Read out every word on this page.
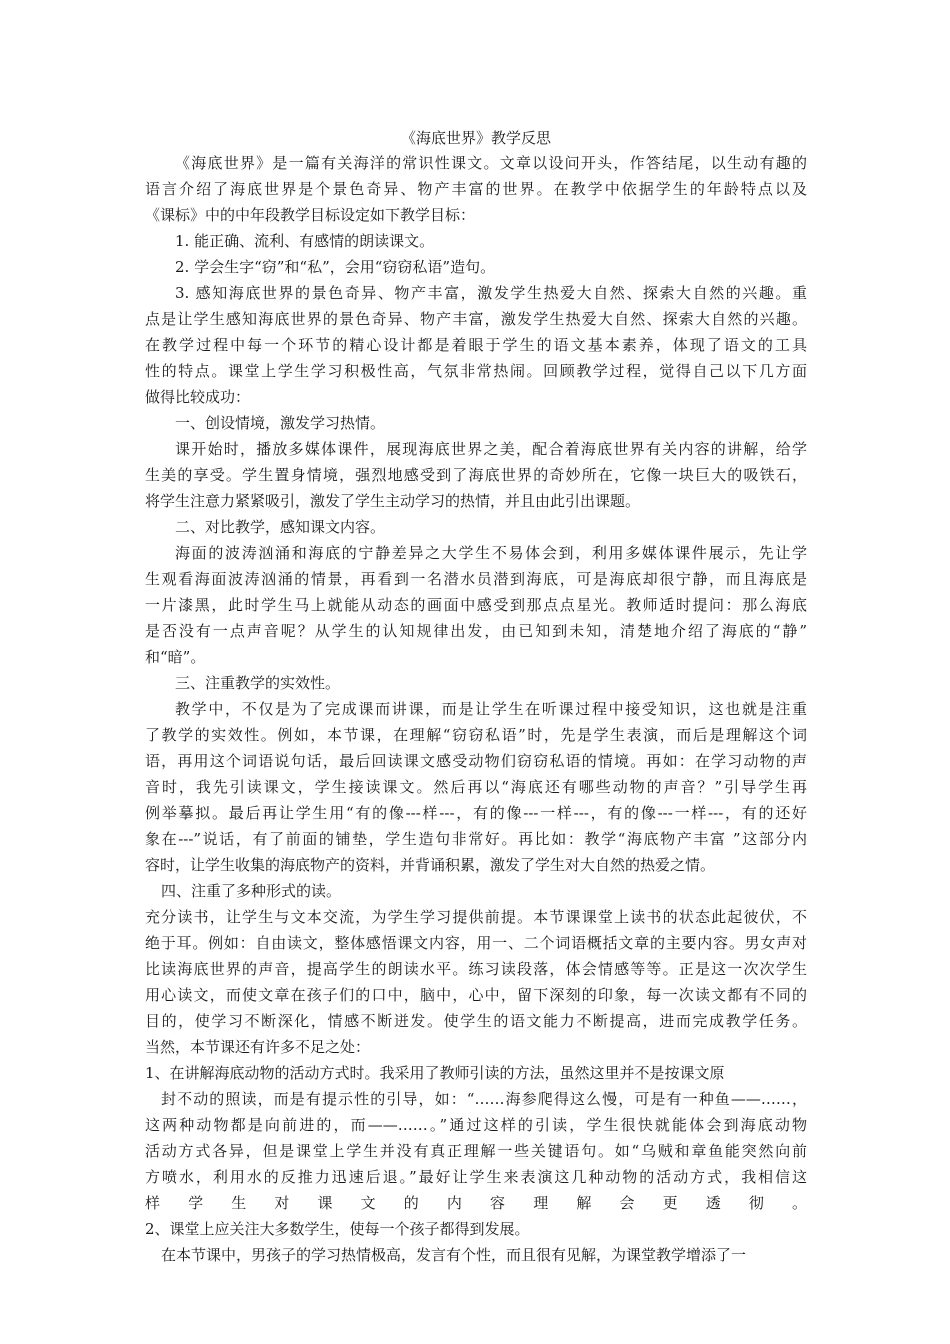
《海底世界》教学反思
《海底世界》是一篇有关海洋的常识性课文。文章以设问开头，作答结尾，以生动有趣的
语言介绍了海底世界是个景色奇异、物产丰富的世界。在教学中依据学生的年龄特点以及
《课标》中的中年段教学目标设定如下教学目标：
1. 能正确、流利、有感情的朗读课文。
2. 学会生字“窃”和“私”，会用“窃窃私语”造句。
3. 感知海底世界的景色奇异、物产丰富，激发学生热爱大自然、探索大自然的兴趣。重
点是让学生感知海底世界的景色奇异、物产丰富，激发学生热爱大自然、探索大自然的兴趣。
在教学过程中每一个环节的精心设计都是着眼于学生的语文基本素养，体现了语文的工具
性的特点。课堂上学生学习积极性高，气氛非常热闹。回顾教学过程，觉得自己以下几方面
做得比较成功：
一、创设情境，激发学习热情。
课开始时，播放多媒体课件，展现海底世界之美，配合着海底世界有关内容的讲解，给学
生美的享受。学生置身情境，强烈地感受到了海底世界的奇妙所在，它像一块巨大的吸铁石，
将学生注意力紧紧吸引，激发了学生主动学习的热情，并且由此引出课题。
二、对比教学，感知课文内容。
海面的波涛汹涌和海底的宁静差异之大学生不易体会到，利用多媒体课件展示，先让学
生观看海面波涛汹涌的情景，再看到一名潜水员潜到海底，可是海底却很宁静，而且海底是
一片漆黑，此时学生马上就能从动态的画面中感受到那点点星光。教师适时提问：那么海底
是否没有一点声音呢？从学生的认知规律出发，由已知到未知，清楚地介绍了海底的“静”
和“暗”。
三、注重教学的实效性。
教学中，不仅是为了完成课而讲课，而是让学生在听课过程中接受知识，这也就是注重
了教学的实效性。例如，本节课，在理解“窃窃私语”时，先是学生表演，而后是理解这个词
语，再用这个词语说句话，最后回读课文感受动物们窃窃私语的情境。再如：在学习动物的声
音时，我先引读课文，学生接读课文。然后再以“海底还有哪些动物的声音？”引导学生再
例举摹拟。最后再让学生用“有的像---样---，有的像---一样---，有的像---一样---，有的还好
象在---”说话，有了前面的铺垫，学生造句非常好。再比如：教学“海底物产丰富 ”这部分内
容时，让学生收集的海底物产的资料，并背诵积累，激发了学生对大自然的热爱之情。
四、注重了多种形式的读。
充分读书，让学生与文本交流，为学生学习提供前提。本节课课堂上读书的状态此起彼伏，不
绝于耳。例如：自由读文，整体感悟课文内容，用一、二个词语概括文章的主要内容。男女声对
比读海底世界的声音，提高学生的朗读水平。练习读段落，体会情感等等。正是这一次次学生
用心读文，而使文章在孩子们的口中，脑中，心中，留下深刻的印象，每一次读文都有不同的
目的，使学习不断深化，情感不断迸发。使学生的语文能力不断提高，进而完成教学任务。
当然，本节课还有许多不足之处：
1、在讲解海底动物的活动方式时。我采用了教师引读的方法，虽然这里并不是按课文原
封不动的照读，而是有提示性的引导，如：“……海参爬得这么慢，可是有一种鱼——……，
这两种动物都是向前进的，而——……。”通过这样的引读，学生很快就能体会到海底动物
活动方式各异，但是课堂上学生并没有真正理解一些关键语句。如“乌贼和章鱼能突然向前
方喷水，利用水的反推力迅速后退。”最好让学生来表演这几种动物的活动方式，我相信这
样学生对课文的内容理解会更透彻。
2、课堂上应关注大多数学生，使每一个孩子都得到发展。
在本节课中，男孩子的学习热情极高，发言有个性，而且很有见解，为课堂教学增添了一
